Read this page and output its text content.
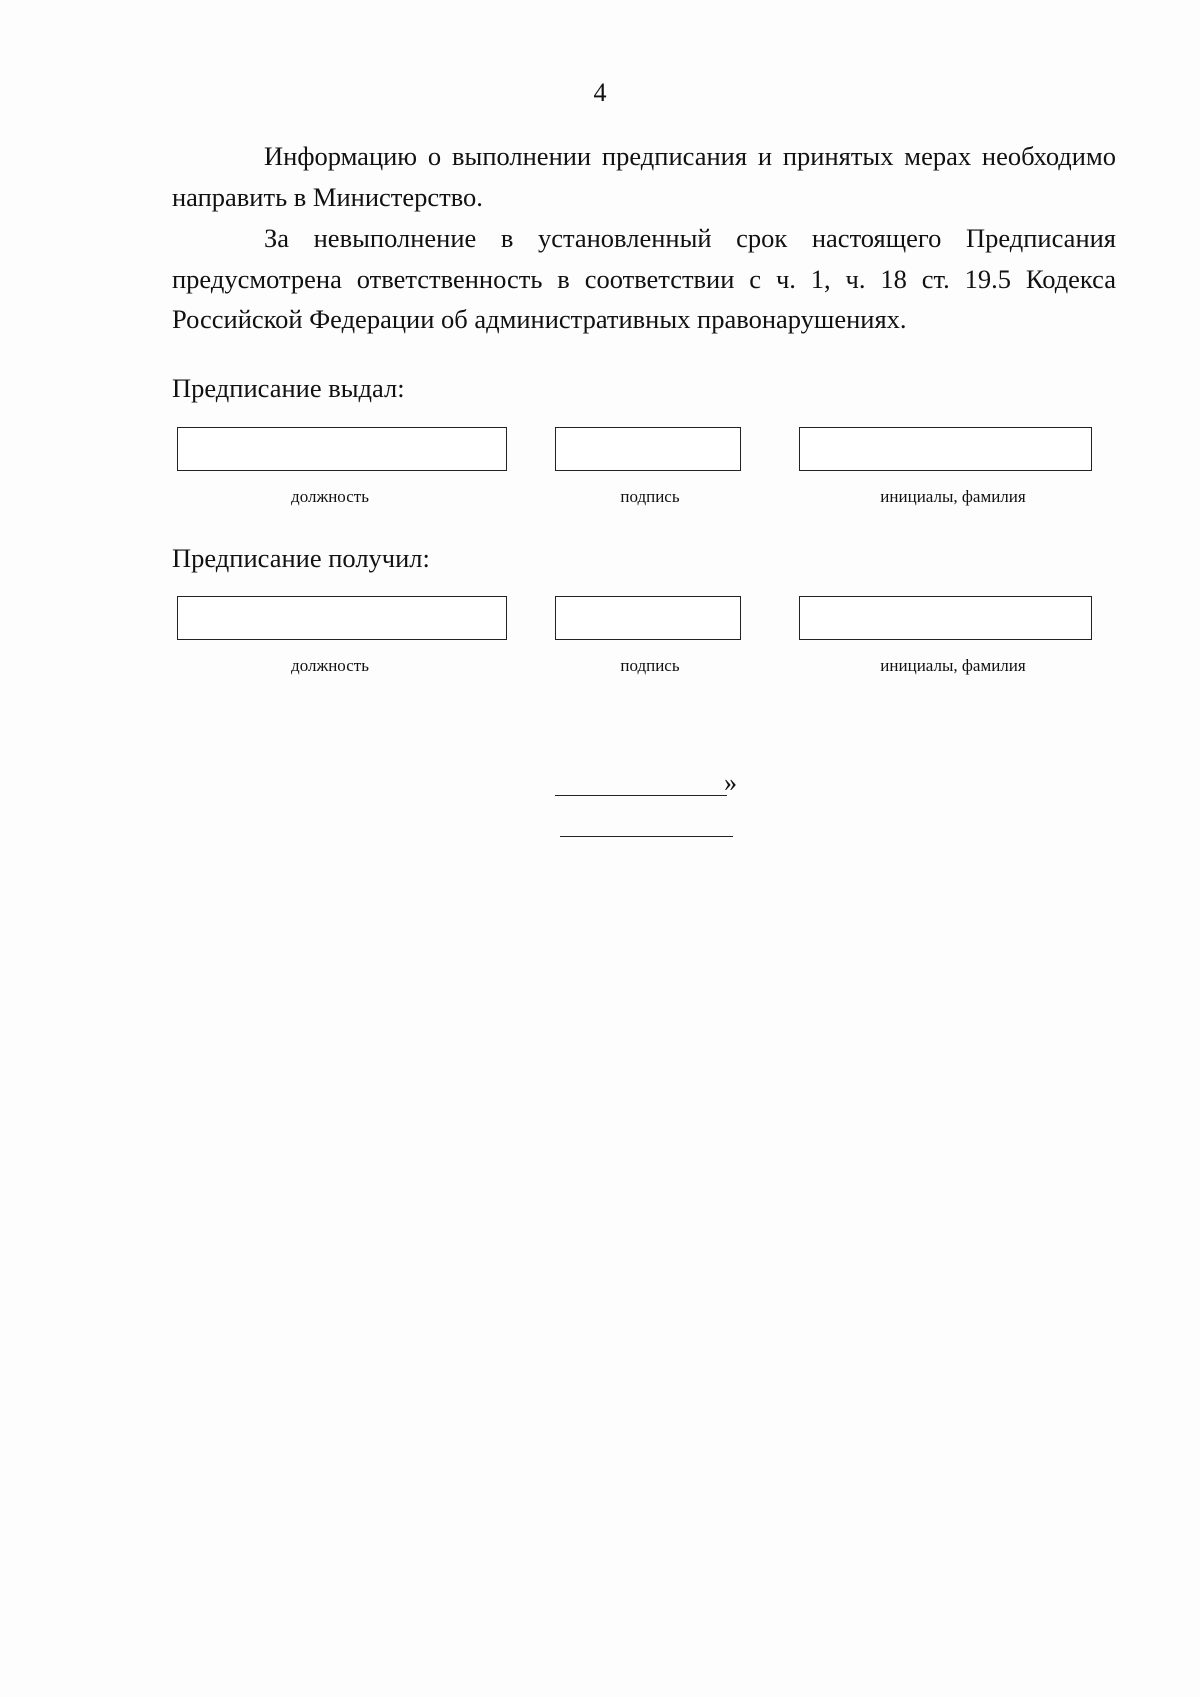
4

Информацию о выполнении предписания и принятых мерах необходимо направить в Министерство.

За невыполнение в установленный срок настоящего Предписания предусмотрена ответственность в соответствии с ч. 1, ч. 18 ст. 19.5 Кодекса Российской Федерации об административных правонарушениях.

Предписание выдал:
должность	подпись	инициалы, фамилия
Предписание получил:
должность	подпись	инициалы, фамилия
»
